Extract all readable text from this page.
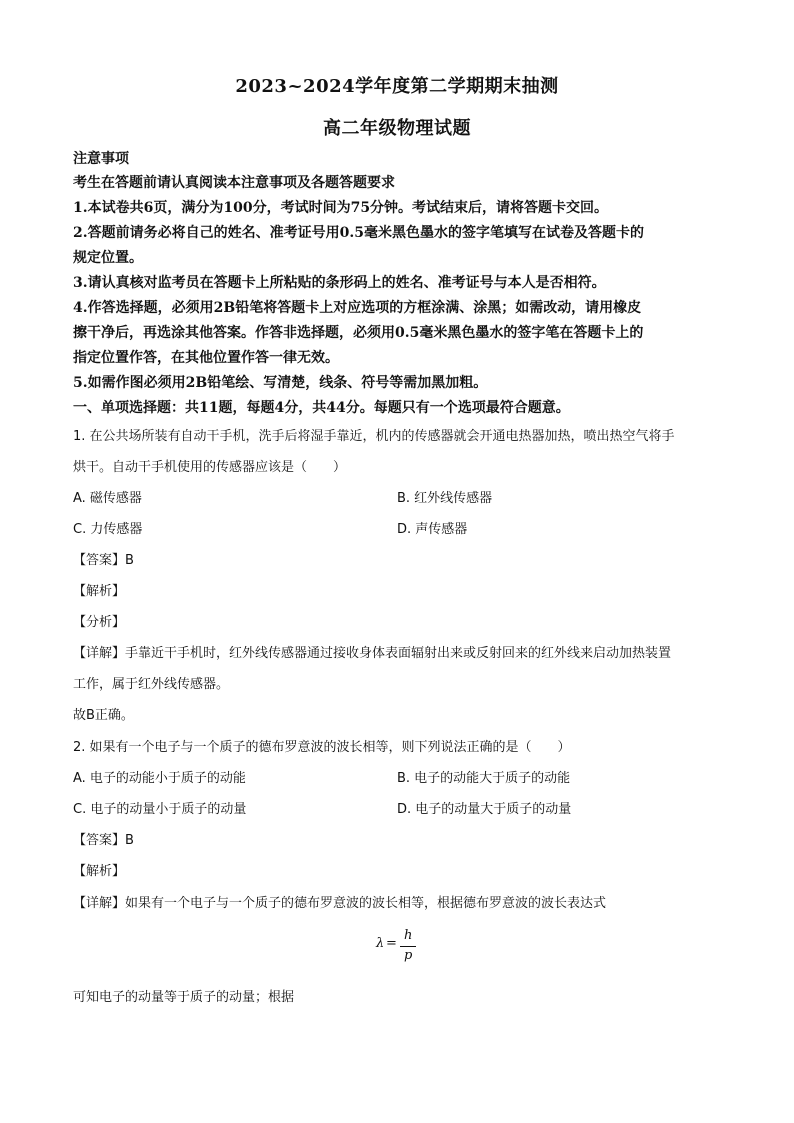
2023~2024学年度第二学期期末抽测
高二年级物理试题
注意事项
考生在答题前请认真阅读本注意事项及各题答题要求
1.本试卷共6页，满分为100分，考试时间为75分钟。考试结束后，请将答题卡交回。
2.答题前请务必将自己的姓名、准考证号用0.5毫米黑色墨水的签字笔填写在试卷及答题卡的
规定位置。
3.请认真核对监考员在答题卡上所粘贴的条形码上的姓名、准考证号与本人是否相符。
4.作答选择题，必须用2B铅笔将答题卡上对应选项的方框涂满、涂黑；如需改动，请用橡皮
擦干净后，再选涂其他答案。作答非选择题，必须用0.5毫米黑色墨水的签字笔在答题卡上的
指定位置作答，在其他位置作答一律无效。
5.如需作图必须用2B铅笔绘、写清楚，线条、符号等需加黑加粗。
一、单项选择题：共11题，每题4分，共44分。每题只有一个选项最符合题意。
1. 在公共场所装有自动干手机，洗手后将湿手靠近，机内的传感器就会开通电热器加热，喷出热空气将手
烘干。自动干手机使用的传感器应该是（　　）
A. 磁传感器	B. 红外线传感器
C. 力传感器	D. 声传感器
【答案】B
【解析】
【分析】
【详解】手靠近干手机时，红外线传感器通过接收身体表面辐射出来或反射回来的红外线来启动加热装置
工作，属于红外线传感器。
故B正确。
2. 如果有一个电子与一个质子的德布罗意波的波长相等，则下列说法正确的是（　　）
A. 电子的动能小于质子的动能	B. 电子的动能大于质子的动能
C. 电子的动量小于质子的动量	D. 电子的动量大于质子的动量
【答案】B
【解析】
【详解】如果有一个电子与一个质子的德布罗意波的波长相等，根据德布罗意波的波长表达式
λ =
h
p
可知电子的动量等于质子的动量；根据
